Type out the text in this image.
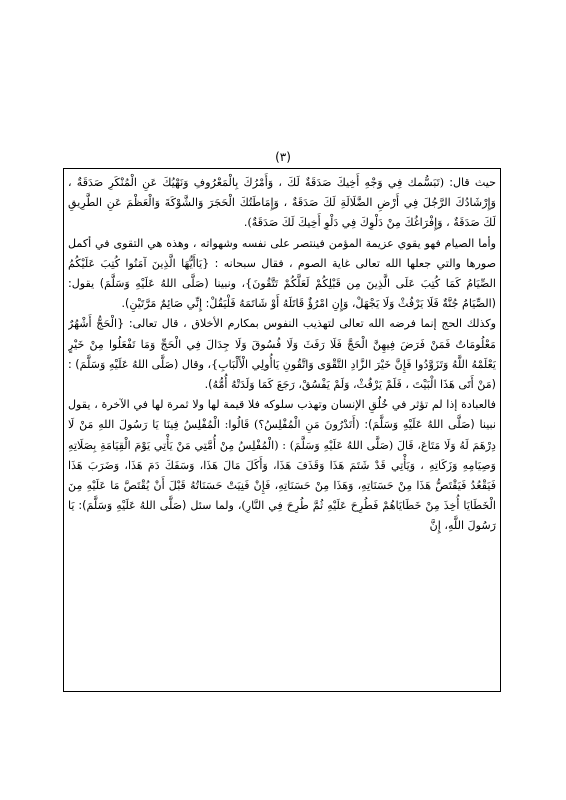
(٣)

حيث قال: (تَبَسُّمك فِي وَجْهِ أَخِيكَ صَدَقَةٌ لَكَ ، وَأَمْرُكَ بِالْمَعْرُوفِ وَنَهْيُكَ عَنِ الْمُنْكَرِ صَدَقَةٌ ، وَإِرْشَادُكَ الرَّجُلَ فِي أَرْضِ الضَّلَالَةِ لَكَ صَدَقَةٌ ، وَإِمَاطَتُكَ الْحَجَرَ وَالشَّوْكَةَ وَالْعَظْمَ عَنِ الطَّرِيقِ لَكَ صَدَقَةٌ ، وَإِفْرَاغُكَ مِنْ دَلْوِكَ فِي دَلْوِ أَخِيكَ لَكَ صَدَقَةٌ).

وأما الصيام فهو يقوي عزيمة المؤمن فينتصر على نفسه وشهواته ، وهذه هي التقوى في أكمل صورها والتي جعلها الله تعالى غاية الصوم ، فقال سبحانه : {يَاأَيُّهَا الَّذِينَ آمَنُوا كُتِبَ عَلَيْكُمُ الصِّيَامُ كَمَا كُتِبَ عَلَى الَّذِينَ مِن قَبْلِكُمْ لَعَلَّكُمْ تَتَّقُونَ}، ونبينا (صَلَّى اللهُ عَلَيْهِ وَسَلَّمَ) يقول: (الصِّيَامُ جُنَّةٌ فَلَا يَرْفُثْ وَلَا يَجْهَلْ، وَإِنِ امْرُؤٌ قَاتَلَهُ أَوْ شَاتَمَهُ فَلْيَقُلْ: إِنِّي صَائِمٌ مَرَّتَيْنِ).

وكذلك الحج إنما فرضه الله تعالى لتهذيب النفوس بمكارم الأخلاق ، قال تعالى: {الْحَجُّ أَشْهُرٌ مَعْلُومَاتٌ فَمَنْ فَرَضَ فِيهِنَّ الْحَجَّ فَلَا رَفَثَ وَلَا فُسُوقَ وَلَا جِدَالَ فِي الْحَجِّ وَمَا تَفْعَلُوا مِنْ خَيْرٍ يَعْلَمْهُ اللَّهُ وَتَزَوَّدُوا فَإِنَّ خَيْرَ الزَّادِ التَّقْوَى وَاتَّقُونِ يَاأُولِي الْأَلْبَابِ}، وقال (صَلَّى اللهُ عَلَيْهِ وَسَلَّمَ) : (مَنْ أَتَى هَذَا الْبَيْتَ ، فَلَمْ يَرْفُثْ، وَلَمْ يَفْسُقْ، رَجَعَ كَمَا وَلَدَتْهُ أُمُّهُ).

فالعبادة إذا لم تؤثر في خُلُقِ الإنسان وتهذب سلوكه فلا قيمة لها ولا ثمرة لها في الآخرة ، يقول نبينا (صَلَّى اللهُ عَلَيْهِ وَسَلَّمَ): (أَتَدْرُونَ مَنِ الْمُفْلِسُ؟) قَالُوا: الْمُفْلِسُ فِينَا يَا رَسُولَ اللهِ مَنْ لَا دِرْهَمَ لَهُ وَلَا مَتَاعَ، قَالَ (صَلَّى اللهُ عَلَيْهِ وَسَلَّمَ) : (الْمُفْلِسُ مِنْ أُمَّتِي مَنْ يَأْتِي يَوْمَ الْقِيَامَةِ بِصَلَاتِهِ وَصِيَامِهِ وَزَكَاتِهِ ، وَيَأْتِي قَدْ شَتَمَ هَذَا وَقَذَفَ هَذَا، وَأَكَلَ مَالَ هَذَا، وَسَفَكَ دَمَ هَذَا، وَضَرَبَ هَذَا فَيَقْعُدُ فَيَقْتَصُّ هَذَا مِنْ حَسَنَاتِهِ، وَهَذَا مِنْ حَسَنَاتِهِ، فَإِنْ فَنِيَتْ حَسَنَاتُهُ قَبْلَ أَنْ يُقْتَصَّ مَا عَلَيْهِ مِنَ الْخَطَايَا أُخِذَ مِنْ خَطَايَاهُمْ فَطُرِحَ عَلَيْهِ ثُمَّ طُرِحَ فِي النَّارِ)، ولما سئل (صَلَّى اللهُ عَلَيْهِ وَسَلَّمَ): يَا رَسُولَ اللَّهِ، إِنَّ
